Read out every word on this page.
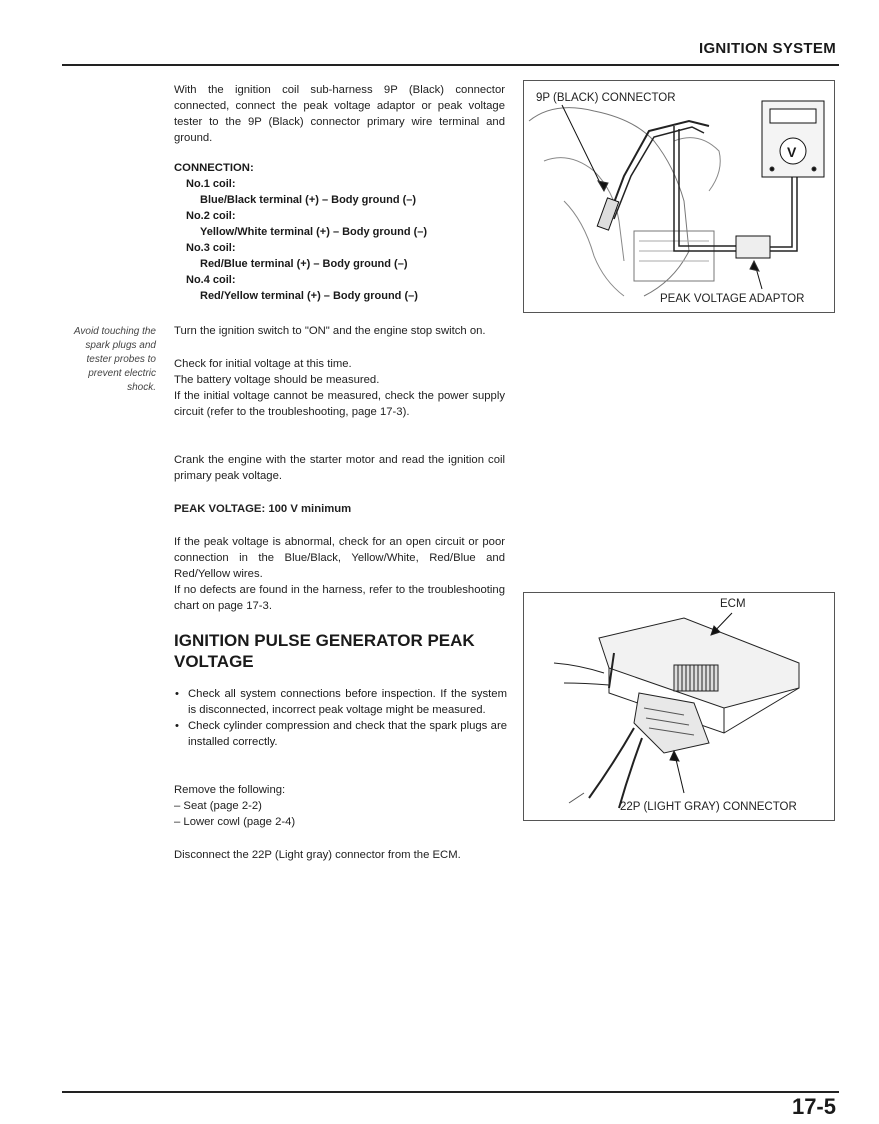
IGNITION SYSTEM
With the ignition coil sub-harness 9P (Black) connector connected, connect the peak voltage adaptor or peak voltage tester to the 9P (Black) connector primary wire terminal and ground.
CONNECTION:
No.1 coil:
Blue/Black terminal (+) – Body ground (–)
No.2 coil:
Yellow/White terminal (+) – Body ground (–)
No.3 coil:
Red/Blue terminal (+) – Body ground (–)
No.4 coil:
Red/Yellow terminal (+) – Body ground (–)
Avoid touching the spark plugs and tester probes to prevent electric shock.
Turn the ignition switch to "ON" and the engine stop switch on.
Check for initial voltage at this time.
The battery voltage should be measured.
If the initial voltage cannot be measured, check the power supply circuit (refer to the troubleshooting, page 17-3).
Crank the engine with the starter motor and read the ignition coil primary peak voltage.
PEAK VOLTAGE: 100 V minimum
If the peak voltage is abnormal, check for an open circuit or poor connection in the Blue/Black, Yellow/White, Red/Blue and Red/Yellow wires.
If no defects are found in the harness, refer to the troubleshooting chart on page 17-3.
IGNITION PULSE GENERATOR PEAK VOLTAGE
• Check all system connections before inspection. If the system is disconnected, incorrect peak voltage might be measured.
• Check cylinder compression and check that the spark plugs are installed correctly.
Remove the following:
– Seat (page 2-2)
– Lower cowl (page 2-4)
Disconnect the 22P (Light gray) connector from the ECM.
9P (BLACK) CONNECTOR
V
PEAK VOLTAGE ADAPTOR
ECM
22P (LIGHT GRAY) CONNECTOR
17-5
